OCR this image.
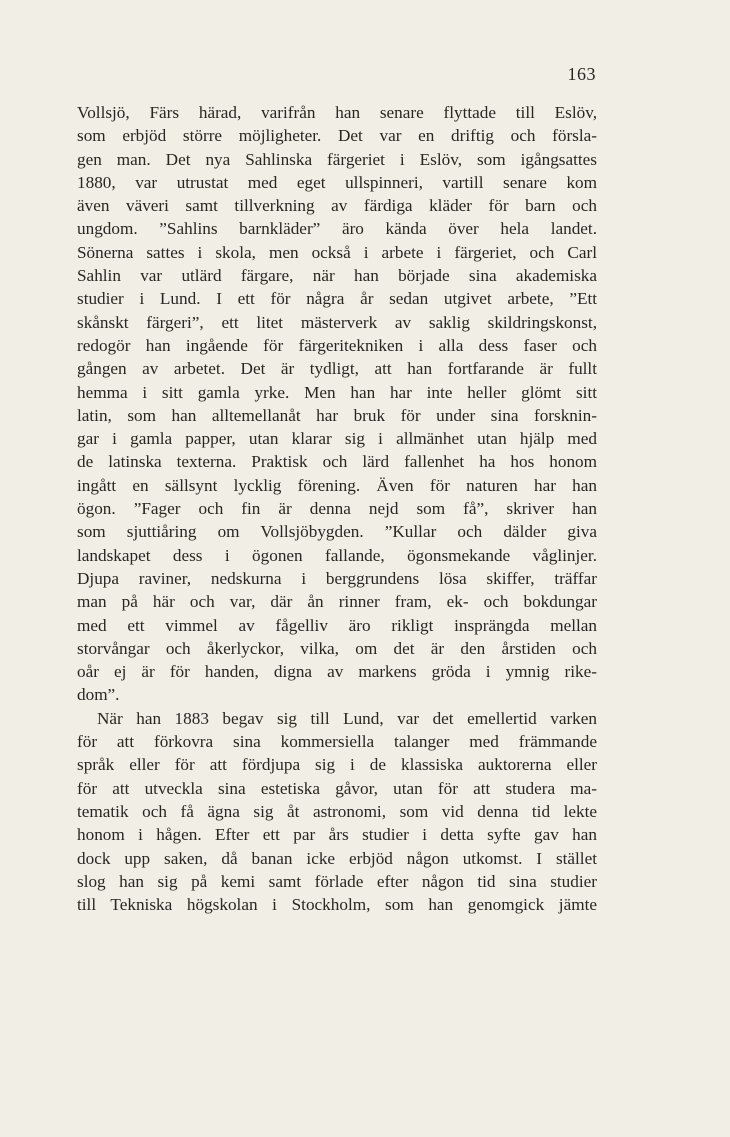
163
Vollsjö, Färs härad, varifrån han senare flyttade till Eslöv,
som erbjöd större möjligheter. Det var en driftig och försla-
gen man. Det nya Sahlinska färgeriet i Eslöv, som igångsattes
1880, var utrustat med eget ullspinneri, vartill senare kom
även väveri samt tillverkning av färdiga kläder för barn och
ungdom. ”Sahlins barnkläder” äro kända över hela landet.
Sönerna sattes i skola, men också i arbete i färgeriet, och Carl
Sahlin var utlärd färgare, när han började sina akademiska
studier i Lund. I ett för några år sedan utgivet arbete, ”Ett
skånskt färgeri”, ett litet mästerverk av saklig skildringskonst,
redogör han ingående för färgeritekniken i alla dess faser och
gången av arbetet. Det är tydligt, att han fortfarande är fullt
hemma i sitt gamla yrke. Men han har inte heller glömt sitt
latin, som han alltemellanåt har bruk för under sina forsknin-
gar i gamla papper, utan klarar sig i allmänhet utan hjälp med
de latinska texterna. Praktisk och lärd fallenhet ha hos honom
ingått en sällsynt lycklig förening. Även för naturen har han
ögon. ”Fager och fin är denna nejd som få”, skriver han
som sjuttiåring om Vollsjöbygden. ”Kullar och dälder giva
landskapet dess i ögonen fallande, ögonsmekande våglinjer.
Djupa raviner, nedskurna i berggrundens lösa skiffer, träffar
man på här och var, där ån rinner fram, ek- och bokdungar
med ett vimmel av fågelliv äro rikligt insprängda mellan
storvångar och åkerlyckor, vilka, om det är den årstiden och
oår ej är för handen, digna av markens gröda i ymnig rike-
dom”.
När han 1883 begav sig till Lund, var det emellertid varken
för att förkovra sina kommersiella talanger med främmande
språk eller för att fördjupa sig i de klassiska auktorerna eller
för att utveckla sina estetiska gåvor, utan för att studera ma-
tematik och få ägna sig åt astronomi, som vid denna tid lekte
honom i hågen. Efter ett par års studier i detta syfte gav han
dock upp saken, då banan icke erbjöd någon utkomst. I stället
slog han sig på kemi samt förlade efter någon tid sina studier
till Tekniska högskolan i Stockholm, som han genomgick jämte
